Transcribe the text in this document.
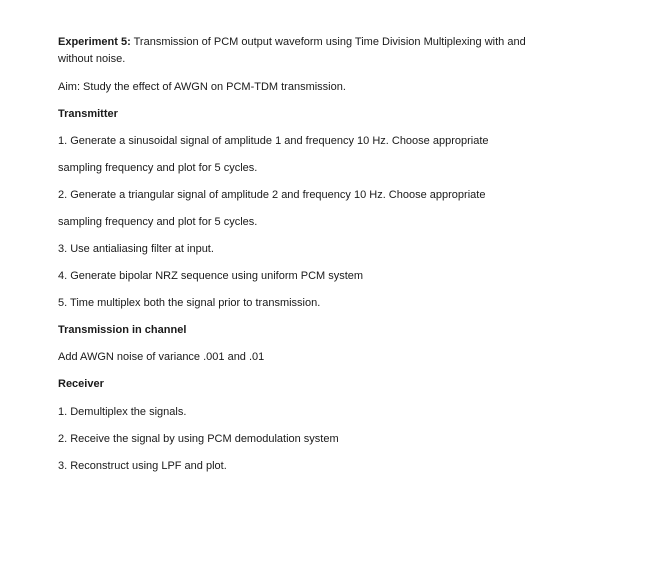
Experiment 5: Transmission of PCM output waveform using Time Division Multiplexing with and
without noise.
Aim: Study the effect of AWGN on PCM-TDM transmission.
Transmitter
1. Generate a sinusoidal signal of amplitude 1 and frequency 10 Hz. Choose appropriate
sampling frequency and plot for 5 cycles.
2. Generate a triangular signal of amplitude 2 and frequency 10 Hz. Choose appropriate
sampling frequency and plot for 5 cycles.
3. Use antialiasing filter at input.
4. Generate bipolar NRZ sequence using uniform PCM system
5. Time multiplex both the signal prior to transmission.
Transmission in channel
Add AWGN noise of variance .001 and .01
Receiver
1. Demultiplex the signals.
2. Receive the signal by using PCM demodulation system
3. Reconstruct using LPF and plot.
